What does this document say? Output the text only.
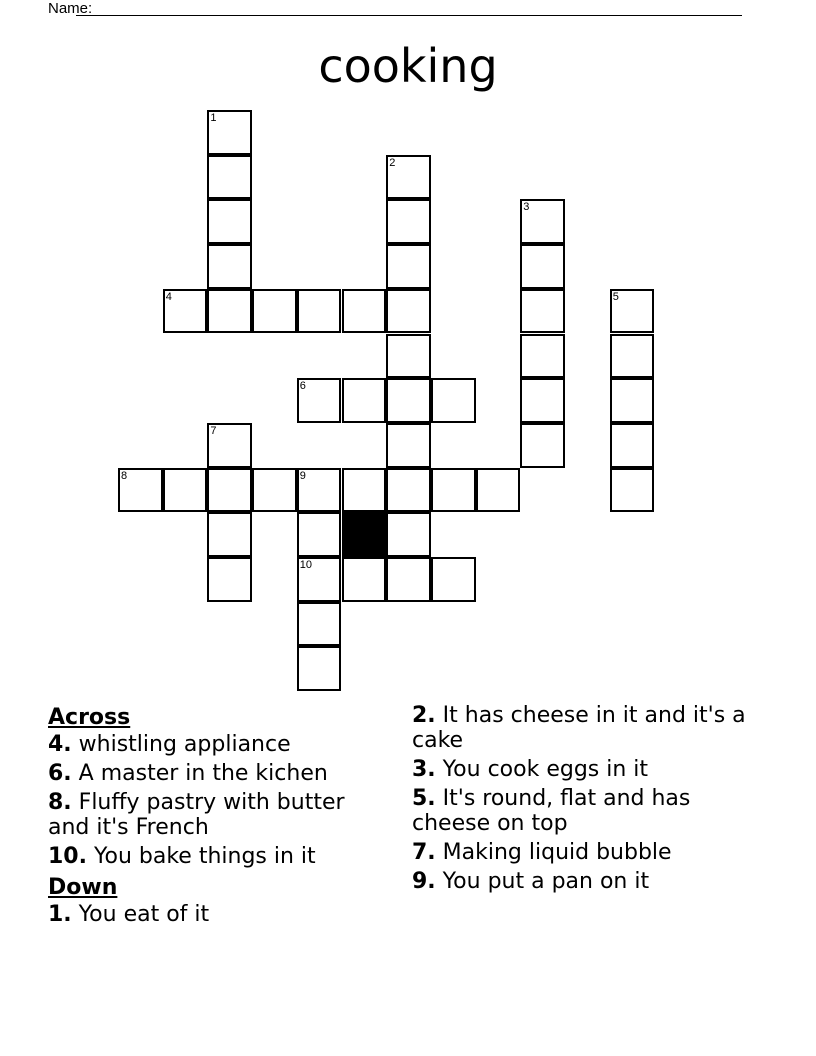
Name:
cooking
1
2
3
4	5
6
7
8	9
10
Across
4. whistling appliance
6. A master in the kichen
8. Fluffy pastry with butter and it's French
10. You bake things in it
Down
1. You eat of it
2. It has cheese in it and it's a cake
3. You cook eggs in it
5. It's round, flat and has cheese on top
7. Making liquid bubble
9. You put a pan on it
